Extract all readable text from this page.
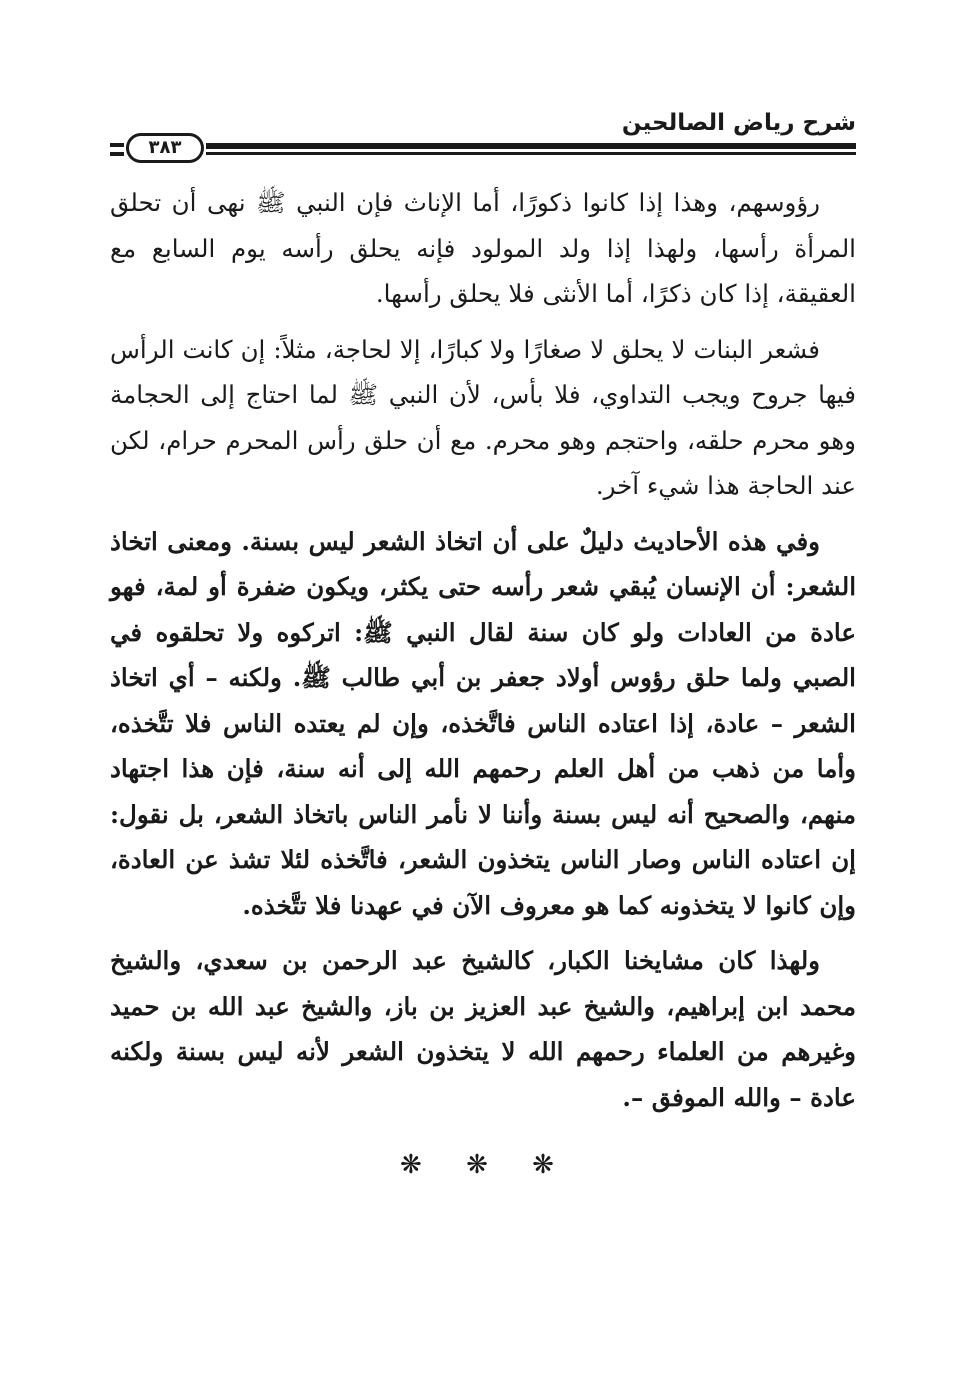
شرح رياض الصالحين
٣٨٣

رؤوسهم، وهذا إذا كانوا ذكورًا، أما الإناث فإن النبي ﷺ نهى أن تحلق المرأة رأسها، ولهذا إذا ولد المولود فإنه يحلق رأسه يوم السابع مع العقيقة، إذا كان ذكرًا، أما الأنثى فلا يحلق رأسها.

فشعر البنات لا يحلق لا صغارًا ولا كبارًا، إلا لحاجة، مثلاً: إن كانت الرأس فيها جروح ويجب التداوي، فلا بأس، لأن النبي ﷺ لما احتاج إلى الحجامة وهو محرم حلقه، واحتجم وهو محرم. مع أن حلق رأس المحرم حرام، لكن عند الحاجة هذا شيء آخر.

وفي هذه الأحاديث دليلٌ على أن اتخاذ الشعر ليس بسنة. ومعنى اتخاذ الشعر: أن الإنسان يُبقي شعر رأسه حتى يكثر، ويكون ضفرة أو لمة، فهو عادة من العادات ولو كان سنة لقال النبي ﷺ: اتركوه ولا تحلقوه في الصبي ولما حلق رؤوس أولاد جعفر بن أبي طالب ﷺ. ولكنه – أي اتخاذ الشعر – عادة، إذا اعتاده الناس فاتَّخذه، وإن لم يعتده الناس فلا تتَّخذه، وأما من ذهب من أهل العلم رحمهم الله إلى أنه سنة، فإن هذا اجتهاد منهم، والصحيح أنه ليس بسنة وأننا لا نأمر الناس باتخاذ الشعر، بل نقول: إن اعتاده الناس وصار الناس يتخذون الشعر، فاتَّخذه لئلا تشذ عن العادة، وإن كانوا لا يتخذونه كما هو معروف الآن في عهدنا فلا تتَّخذه.

ولهذا كان مشايخنا الكبار، كالشيخ عبد الرحمن بن سعدي، والشيخ محمد ابن إبراهيم، والشيخ عبد العزيز بن باز، والشيخ عبد الله بن حميد وغيرهم من العلماء رحمهم الله لا يتخذون الشعر لأنه ليس بسنة ولكنه عادة – والله الموفق –.

❋ ❋ ❋
